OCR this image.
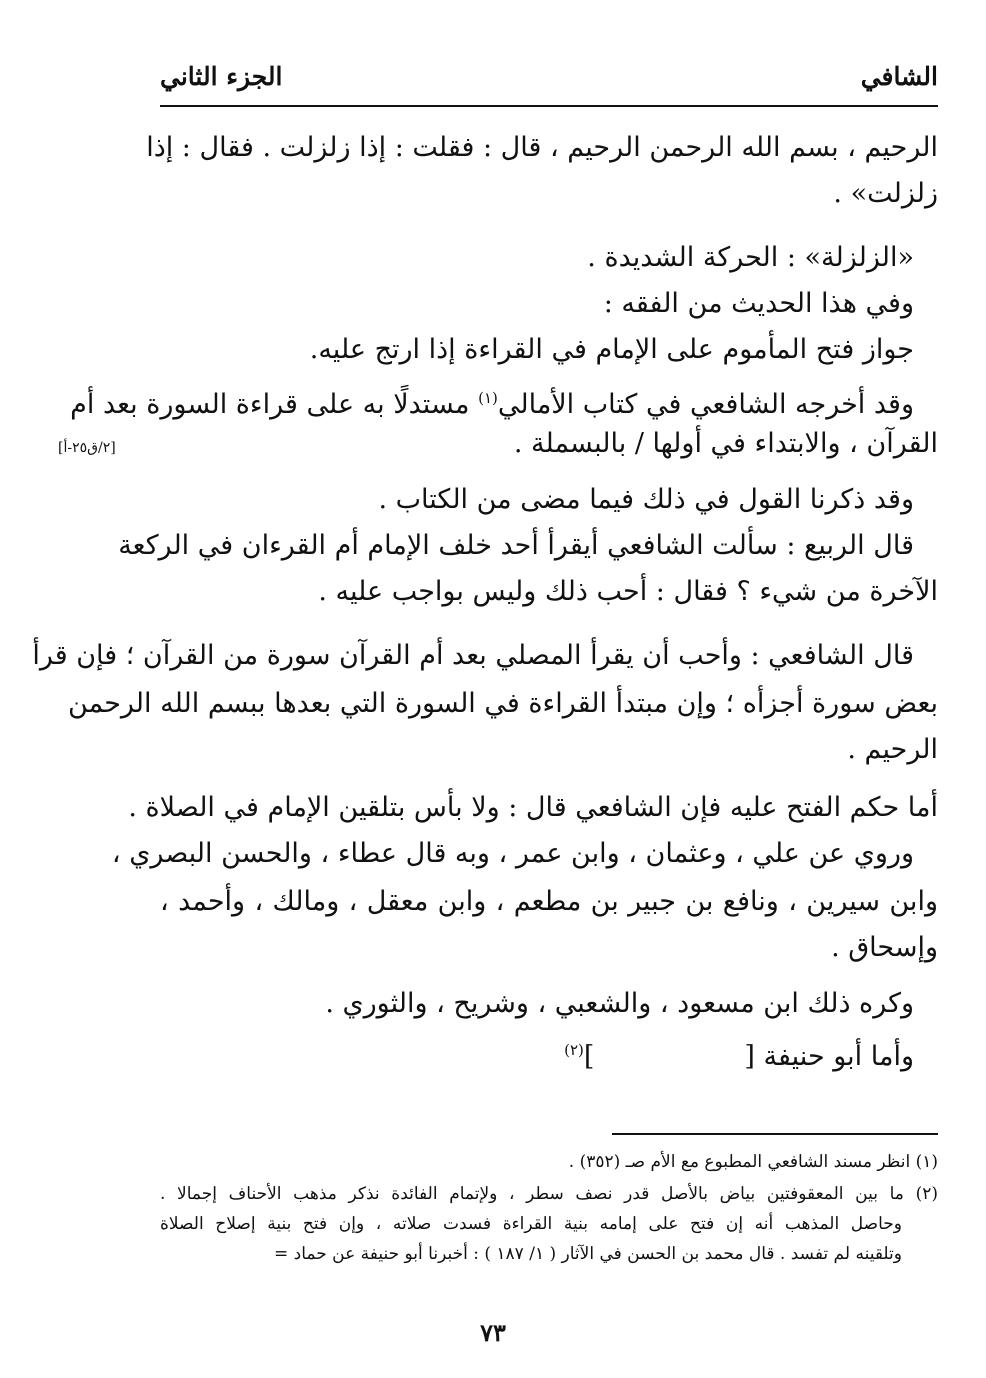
الشافي
الجزء الثاني
الرحيم ، بسم الله الرحمن الرحيم ، قال : فقلت : إذا زلزلت . فقال : إذا
زلزلت» .
«الزلزلة» : الحركة الشديدة .
وفي هذا الحديث من الفقه :
جواز فتح المأموم على الإمام في القراءة إذا ارتج عليه.
وقد أخرجه الشافعي في كتاب الأمالي$^{(١)}$ مستدلًا به على قراءة السورة بعد أم
القرآن ، والابتداء في أولها / بالبسملة .
وقد ذكرنا القول في ذلك فيما مضى من الكتاب .
قال الربيع : سألت الشافعي أيقرأ أحد خلف الإمام أم القرءان في الركعة
الآخرة من شيء ؟ فقال : أحب ذلك وليس بواجب عليه .
قال الشافعي : وأحب أن يقرأ المصلي بعد أم القرآن سورة من القرآن ؛ فإن قرأ
بعض سورة أجزأه ؛ وإن مبتدأ القراءة في السورة التي بعدها ببسم الله الرحمن
الرحيم .
أما حكم الفتح عليه فإن الشافعي قال : ولا بأس بتلقين الإمام في الصلاة .
وروي عن علي ، وعثمان ، وابن عمر ، وبه قال عطاء ، والحسن البصري ،
وابن سيرين ، ونافع بن جبير بن مطعم ، وابن معقل ، ومالك ، وأحمد ،
وإسحاق .
وكره ذلك ابن مسعود ، والشعبي ، وشريح ، والثوري .
وأما أبو حنيفة []$^{(٢)}$
[٢/ق٢٥-أ]
(١) انظر مسند الشافعي المطبوع مع الأم صـ (٣٥٢) .
(٢) ما بين المعقوفتين بياض بالأصل قدر نصف سطر ، ولإتمام الفائدة نذكر مذهب الأحناف إجمالا .
وحاصل المذهب أنه إن فتح على إمامه بنية القراءة فسدت صلاته ، وإن فتح بنية إصلاح الصلاة
وتلقينه لم تفسد . قال محمد بن الحسن في الآثار ( ١/ ١٨٧ ) : أخبرنا أبو حنيفة عن حماد =
٧٣
